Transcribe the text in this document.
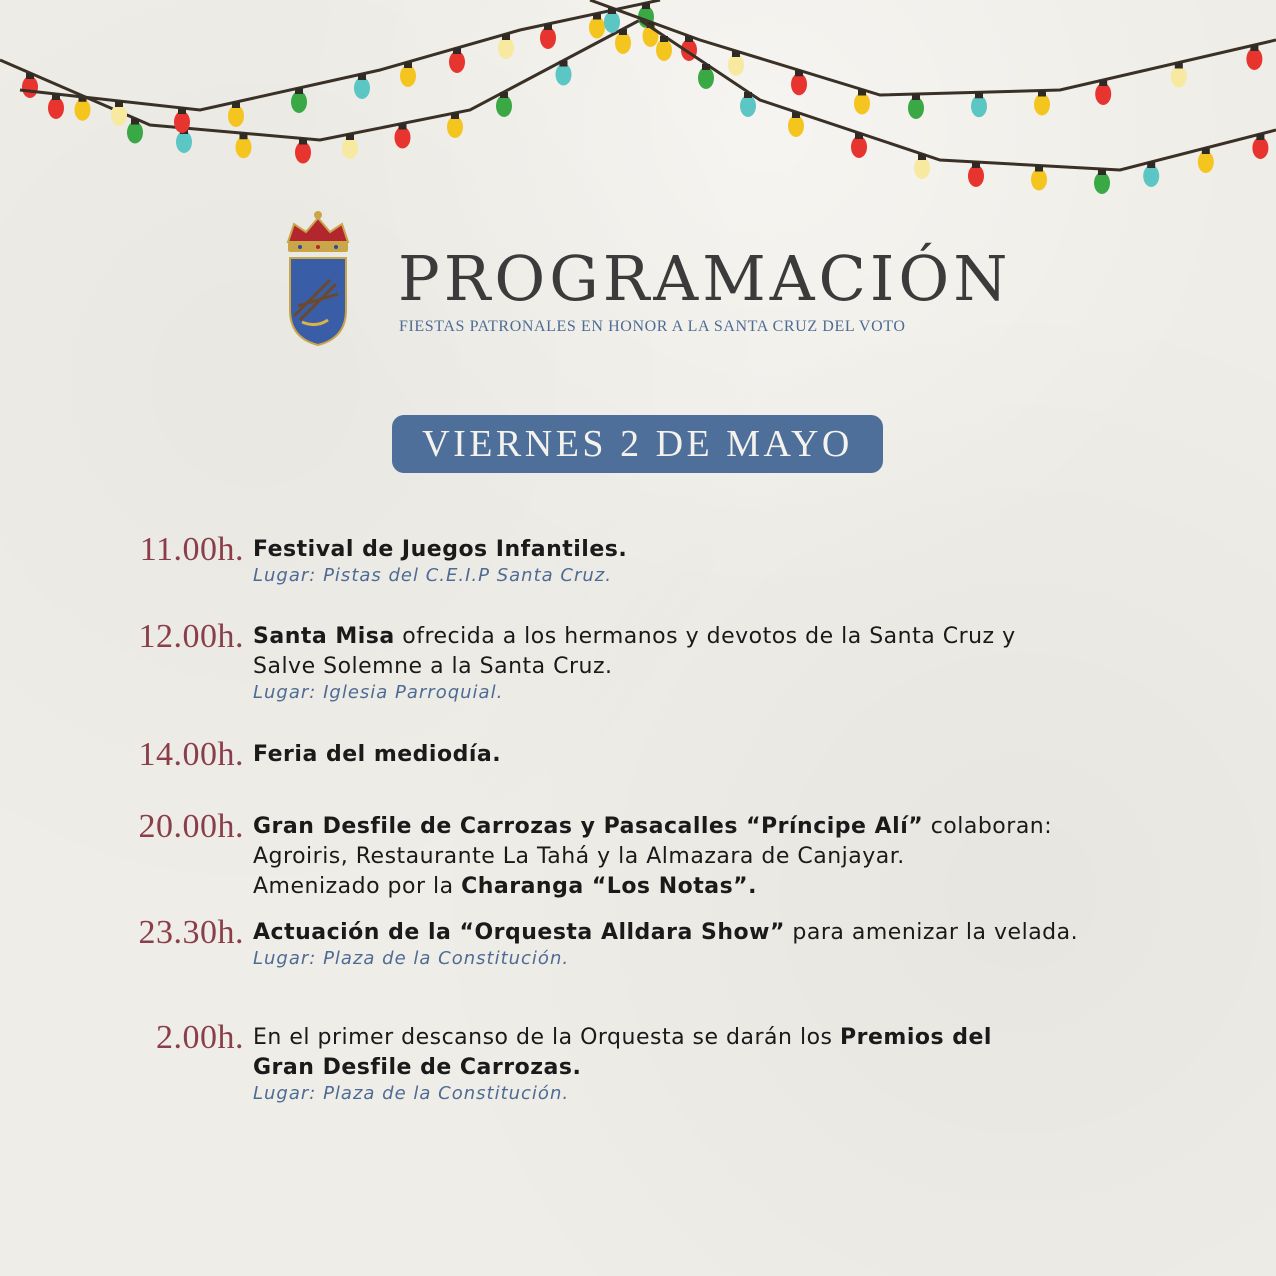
PROGRAMACIÓN
FIESTAS PATRONALES EN HONOR A LA SANTA CRUZ DEL VOTO
VIERNES 2 DE MAYO
11.00h. Festival de Juegos Infantiles.
Lugar: Pistas del C.E.I.P Santa Cruz.
12.00h. Santa Misa ofrecida a los hermanos y devotos de la Santa Cruz y
Salve Solemne a la Santa Cruz.
Lugar: Iglesia Parroquial.
14.00h. Feria del mediodía.
20.00h. Gran Desfile de Carrozas y Pasacalles “Príncipe Alí” colaboran:
Agroiris, Restaurante La Tahá y la Almazara de Canjayar.
Amenizado por la Charanga “Los Notas”.
23.30h. Actuación de la “Orquesta Alldara Show” para amenizar la velada.
Lugar: Plaza de la Constitución.
2.00h. En el primer descanso de la Orquesta se darán los Premios del
Gran Desfile de Carrozas.
Lugar: Plaza de la Constitución.
